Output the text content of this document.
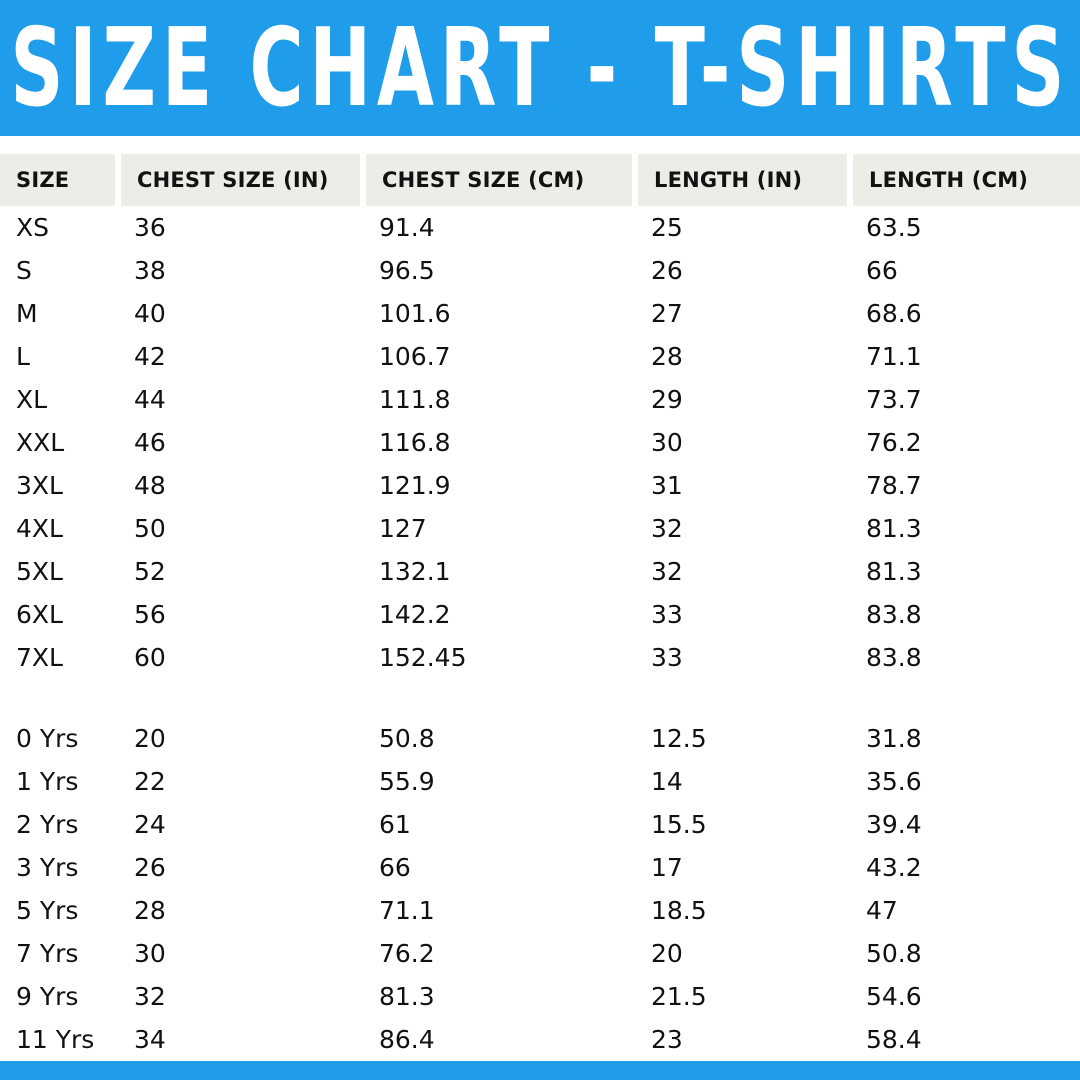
SIZE CHART - T-SHIRTS
SIZE	CHEST SIZE (IN)	CHEST SIZE (CM)	LENGTH (IN)	LENGTH (CM)
XS	36	91.4	25	63.5
S	38	96.5	26	66
M	40	101.6	27	68.6
L	42	106.7	28	71.1
XL	44	111.8	29	73.7
XXL	46	116.8	30	76.2
3XL	48	121.9	31	78.7
4XL	50	127	32	81.3
5XL	52	132.1	32	81.3
6XL	56	142.2	33	83.8
7XL	60	152.45	33	83.8

0 Yrs	20	50.8	12.5	31.8
1 Yrs	22	55.9	14	35.6
2 Yrs	24	61	15.5	39.4
3 Yrs	26	66	17	43.2
5 Yrs	28	71.1	18.5	47
7 Yrs	30	76.2	20	50.8
9 Yrs	32	81.3	21.5	54.6
11 Yrs	34	86.4	23	58.4
